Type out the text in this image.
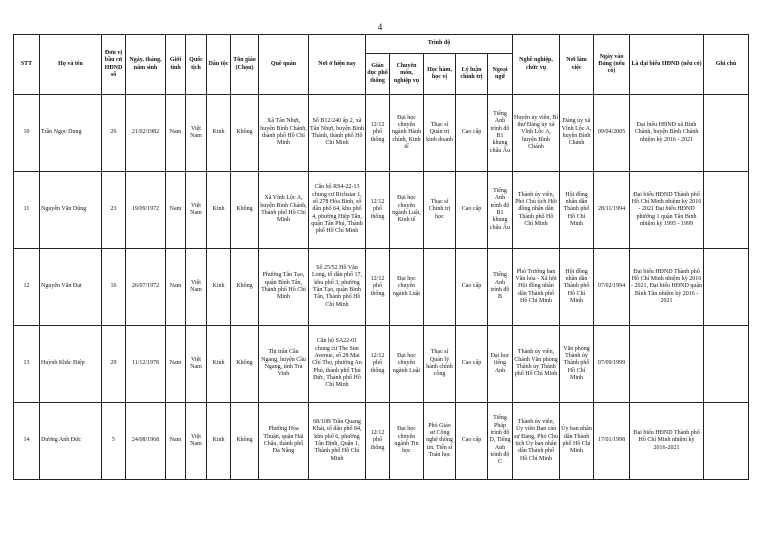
4
STT	Họ và tên	Đơn vị bầu cử HĐND số	Ngày, tháng, năm sinh	Giới tính	Quốc tịch	Dân tộc	Tôn giáo (Chọn)	Quê quán	Nơi ở hiện nay	Trình độ					Nghề nghiệp, chức vụ	Nơi làm việc	Ngày vào Đảng (nếu có)	Là đại biểu HĐND (nếu có)	Ghi chú
										Giáo dục phổ thông	Chuyên môn, nghiệp vụ	Học hàm, học vị	Lý luận chính trị	Ngoại ngữ					
10	Trần Ngọc Dung	26	21/02/1982	Nam	Việt Nam	Kinh	Không	Xã Tân Nhựt, huyện Bình Chánh, thành phố Hồ Chí Minh	Số B12/240 ấp 2, xã Tân Nhựt, huyện Bình Thánh, thành phố Hồ Chí Minh	12/12 phổ thông	Đại học chuyên ngành Hành chính, Kinh tế	Thạc sĩ Quản trị kinh doanh	Cao cấp	Tiếng Anh trình độ B1 khung châu Âu	Huyện ủy viên, Bí thư Đảng ủy xã Vĩnh Lộc A, huyện Bình Chánh	Đảng ủy xã Vĩnh Lộc A, huyện Bình Chánh	09/04/2005	Đại biểu HĐND xã Bình Chánh, huyện Bình Chánh nhiệm kỳ 2016 - 2021	
11	Nguyễn Văn Dũng	23	19/09/1972	Nam	Việt Nam	Kinh	Không	Xã Vĩnh Lộc A, huyện Bình Chánh, Thành phố Hồ Chí Minh	Căn hộ RS4-22-13 chung cư Richstar 1, số 278 Hòa Bình, số dân phố 64, khu phố 4, phường Hiệp Tân, quận Tân Phú, Thành phố Hồ Chí Minh	12/12 phổ thông	Đại học chuyên ngành Luật, Kinh tế	Thạc sĩ Chính trị học	Cao cấp	Tiếng Anh trình độ B1 khung châu Âu	Thành ủy viên, Phó Chủ tịch Hội đồng nhân dân Thành phố Hồ Chí Minh	Hội đồng nhân dân Thành phố Hồ Chí Minh	28/11/1994	Đại biểu HĐND Thành phố Hồ Chí Minh nhiệm kỳ 2016 - 2021 Đại biểu HĐND phường 1 quận Tân Bình nhiệm kỳ 1995 - 1999	
12	Nguyễn Văn Đạt	16	26/07/1972	Nam	Việt Nam	Kinh	Không	Phường Tân Tạo, quận Bình Tân, Thành phố Hồ Chí Minh	Số 25/52 Hồ Văn Long, tổ dân phố 17, khu phố 3, phường Tân Tạo, quận Bình Tân, Thành phố Hồ Chí Minh	12/12 phổ thông	Đại học chuyên ngành Luật		Cao cấp	Tiếng Anh trình độ B	Phó Trưởng ban Văn hóa - Xã hội Hội đồng nhân dân Thành phố Hồ Chí Minh	Hội đồng nhân dân Thành phố Hồ Chí Minh	07/02/1994	Đại biểu HĐND Thành phố Hồ Chí Minh nhiệm kỳ 2016 - 2021, Đại biểu HĐND quận Bình Tân nhiệm kỳ 2016 - 2021	
13	Huỳnh Khắc Điệp	29	11/12/1978	Nam	Việt Nam	Kinh	Không	Thị trấn Cầu Ngang, huyện Cầu Ngang, tỉnh Trà Vinh	Căn hộ SA22-01 chung cư The Sun Avenue, số 28 Mai Chí Thọ, phường An Phú, thành phố Thủ Đức, Thành phố Hồ Chí Minh	12/12 phổ thông	Đại học chuyên ngành Luật	Thạc sĩ Quản lý hành chính công	Cao cấp	Đại học tiếng Anh	Thành ủy viên, Chánh Văn phòng Thành ủy Thành phố Hồ Chí Minh	Văn phòng Thành ủy Thành phố Hồ Chí Minh	07/09/1999		
14	Dương Anh Đức	5	24/08/1968	Nam	Việt Nam	Kinh	Không	Phường Hòa Thuận, quận Hải Châu, thành phố Đà Nẵng	68/10B Trần Quang Khải, tổ dân phố 84, khu phố 6, phường Tân Định, Quận 1, Thành phố Hồ Chí Minh	12/12 phổ thông	Đại học chuyên ngành Tin học	Phó Giáo sư Công nghệ thông tin, Tiến sĩ Toán học	Cao cấp	Tiếng Pháp trình độ D, Tiếng Anh trình độ C	Thành ủy viên, Ủy viên Ban cán sự Đảng, Phó Chủ tịch Ủy ban nhân dân Thành phố Hồ Chí Minh	Ủy ban nhân dân Thành phố Hồ Chí Minh	17/01/1998	Đại biểu HĐND Thành phố Hồ Chí Minh nhiệm kỳ 2016-2021	
